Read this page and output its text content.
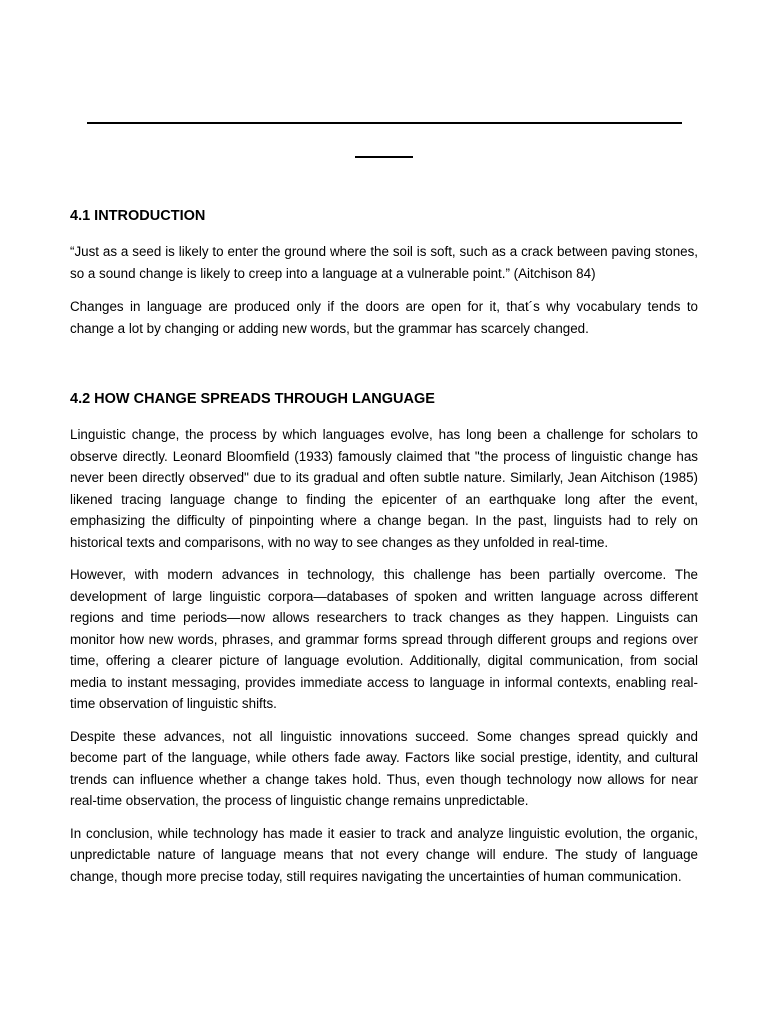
4.1 INTRODUCTION

“Just as a seed is likely to enter the ground where the soil is soft, such as a crack between paving stones, so a sound change is likely to creep into a language at a vulnerable point.” (Aitchison 84)

Changes in language are produced only if the doors are open for it, that´s why vocabulary tends to change a lot by changing or adding new words, but the grammar has scarcely changed.

4.2 HOW CHANGE SPREADS THROUGH LANGUAGE

Linguistic change, the process by which languages evolve, has long been a challenge for scholars to observe directly. Leonard Bloomfield (1933) famously claimed that "the process of linguistic change has never been directly observed" due to its gradual and often subtle nature. Similarly, Jean Aitchison (1985) likened tracing language change to finding the epicenter of an earthquake long after the event, emphasizing the difficulty of pinpointing where a change began. In the past, linguists had to rely on historical texts and comparisons, with no way to see changes as they unfolded in real-time.

However, with modern advances in technology, this challenge has been partially overcome. The development of large linguistic corpora—databases of spoken and written language across different regions and time periods—now allows researchers to track changes as they happen. Linguists can monitor how new words, phrases, and grammar forms spread through different groups and regions over time, offering a clearer picture of language evolution. Additionally, digital communication, from social media to instant messaging, provides immediate access to language in informal contexts, enabling real-time observation of linguistic shifts.

Despite these advances, not all linguistic innovations succeed. Some changes spread quickly and become part of the language, while others fade away. Factors like social prestige, identity, and cultural trends can influence whether a change takes hold. Thus, even though technology now allows for near real-time observation, the process of linguistic change remains unpredictable.

In conclusion, while technology has made it easier to track and analyze linguistic evolution, the organic, unpredictable nature of language means that not every change will endure. The study of language change, though more precise today, still requires navigating the uncertainties of human communication.
